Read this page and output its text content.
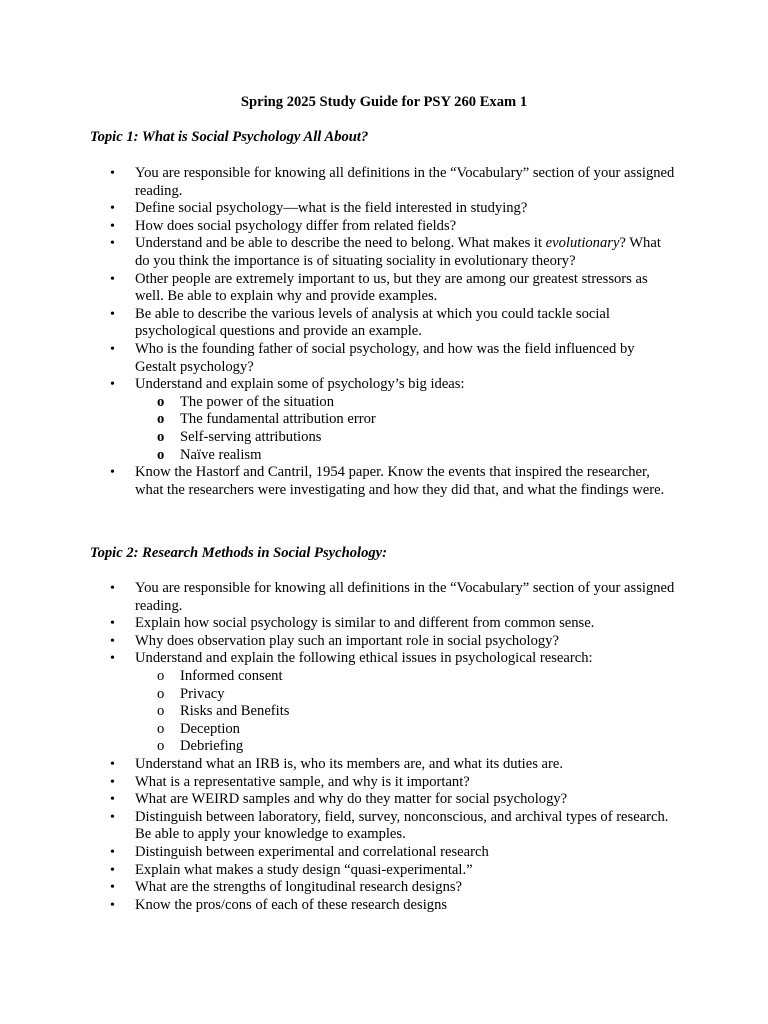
Spring 2025 Study Guide for PSY 260 Exam 1
Topic 1: What is Social Psychology All About?
• You are responsible for knowing all definitions in the “Vocabulary” section of your assigned reading.
• Define social psychology—what is the field interested in studying?
• How does social psychology differ from related fields?
• Understand and be able to describe the need to belong. What makes it evolutionary? What do you think the importance is of situating sociality in evolutionary theory?
• Other people are extremely important to us, but they are among our greatest stressors as well. Be able to explain why and provide examples.
• Be able to describe the various levels of analysis at which you could tackle social psychological questions and provide an example.
• Who is the founding father of social psychology, and how was the field influenced by Gestalt psychology?
• Understand and explain some of psychology’s big ideas:
o The power of the situation
o The fundamental attribution error
o Self-serving attributions
o Naïve realism
• Know the Hastorf and Cantril, 1954 paper. Know the events that inspired the researcher, what the researchers were investigating and how they did that, and what the findings were.
Topic 2: Research Methods in Social Psychology:
• You are responsible for knowing all definitions in the “Vocabulary” section of your assigned reading.
• Explain how social psychology is similar to and different from common sense.
• Why does observation play such an important role in social psychology?
• Understand and explain the following ethical issues in psychological research:
o Informed consent
o Privacy
o Risks and Benefits
o Deception
o Debriefing
• Understand what an IRB is, who its members are, and what its duties are.
• What is a representative sample, and why is it important?
• What are WEIRD samples and why do they matter for social psychology?
• Distinguish between laboratory, field, survey, nonconscious, and archival types of research. Be able to apply your knowledge to examples.
• Distinguish between experimental and correlational research
• Explain what makes a study design “quasi-experimental.”
• What are the strengths of longitudinal research designs?
• Know the pros/cons of each of these research designs
